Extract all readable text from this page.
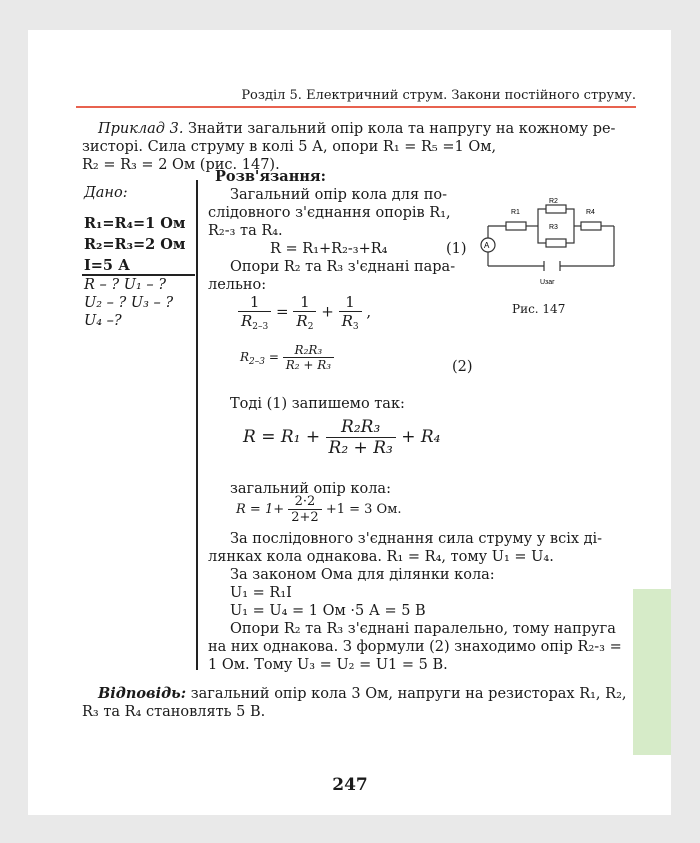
Розділ 5. Електричний струм. Закони постійного струму.
Приклад 3. Знайти загальний опір кола та напругу на кожному ре-
зисторі. Сила струму в колі 5 А, опори R₁ = R₅ =1 Ом,
R₂ = R₃ = 2 Ом (рис. 147).
Дано:
R₁=R₄=1 Ом
R₂=R₃=2 Ом
I=5 А
R – ? U₁ – ?
U₂ – ? U₃ – ?
U₄ –?
Розв'язання:
Загальний опір кола для по-
слідовного з'єднання опорів R₁,
R₂-₃ та R₄.
R = R₁+R₂-₃+R₄	(1)
Опори R₂ та R₃ з'єднані пара-
лельно:
$\frac{1}{R_{2-3}} = \frac{1}{R_2} + \frac{1}{R_3}$ ,
$R_{2-3} = \frac{\text{R₂R₃}}{\text{R₂ + R₃}}$	(2)
Тоді (1) запишемо так:
$R = R_1 + \frac{\text{R₂R₃}}{\text{R₂ + R₃}} + R_4$
загальний опір кола:
$R = 1+ \frac{2\cdot 2}{2+2} +1 = 3$ Ом.
За послідовного з'єднання сила струму у всіх ді-
лянках кола однакова. R₁ = R₄, тому U₁ = U₄.
За законом Ома для ділянки кола:
U₁ = R₁I
U₁ = U₄ = 1 Ом ·5 А = 5 В
Опори R₂ та R₃ з'єднані паралельно, тому напруга
на них однакова. З формули (2) знаходимо опір R₂-₃ =
1 Ом. Тому U₃ = U₂ = U1 = 5 В.
R1
R2
R3
R4
A
Uзаг
Рис. 147
Відповідь: загальний опір кола 3 Ом, напруги на резисторах R₁, R₂,
R₃ та R₄ становлять 5 В.
247
